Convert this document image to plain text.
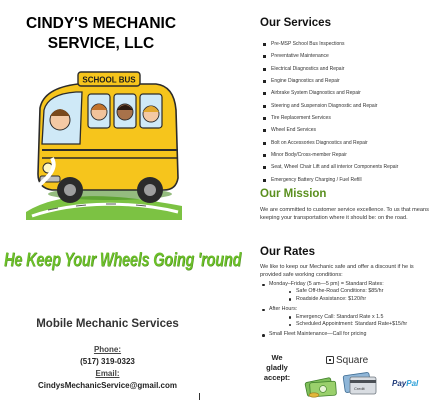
CINDY'S MECHANIC
SERVICE, LLC
SCHOOL BUS
He Keep Your Wheels Going 'round
Mobile Mechanic Services
Phone:
(517) 319-0323
Email:
CindysMechanicService@gmail.com
Our Services
Pre-MSP School Bus Inspections
Preventative Maintenance
Electrical Diagnostics and Repair
Engine Diagnostics and Repair
Airbrake System Diagnostics and Repair
Steering and Suspension Diagnostic and Repair
Tire Replacement Services
Wheel End Services
Bolt on Accessories Diagnostics and Repair
Minor Body/Cross-member Repair
Seat, Wheel Chair Lift and all interior Components Repair
Emergency Battery Charging / Fuel Refill
Our Mission
We are committed to customer service excellence. To us that means keeping your transportation where it should be: on the road.
Our Rates
We like to keep our Mechanic safe and offer a discount if he is provided safe working conditions:
Monday–Friday (5 am—5 pm) = Standard Rates:
Safe Off-the-Road Conditions: $85/hr
Roadside Assistance: $120/hr
After Hours:
Emergency Call: Standard Rate x 1.5
Scheduled Appointment: Standard Rate+$15/hr
Small Fleet Maintenance—Call for pricing
We
gladly
accept:
Square
Credit
PayPal
